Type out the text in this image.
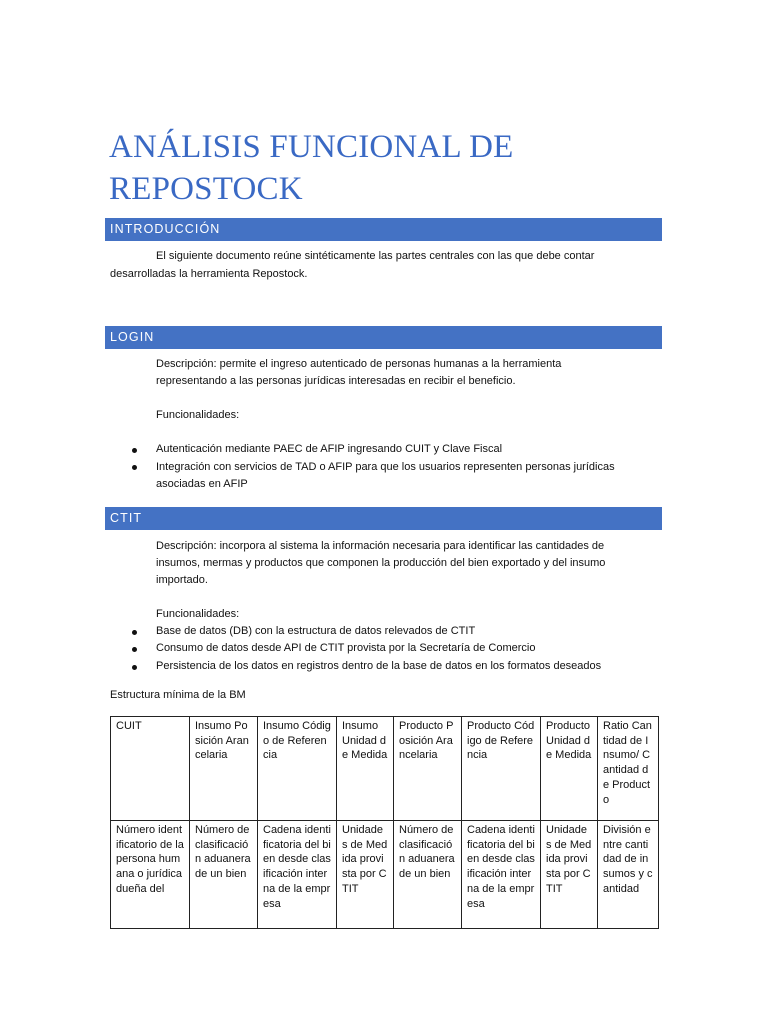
ANÁLISIS FUNCIONAL DE
REPOSTOCK
INTRODUCCIÓN

El siguiente documento reúne sintéticamente las partes centrales con las que debe contar

desarrolladas la herramienta Repostock.

LOGIN

Descripción: permite el ingreso autenticado de personas humanas a la herramienta

representando a las personas jurídicas interesadas en recibir el beneficio.

Funcionalidades:

Autenticación mediante PAEC de AFIP ingresando CUIT y Clave Fiscal

Integración con servicios de TAD o AFIP para que los usuarios representen personas jurídicas

asociadas en AFIP

CTIT

Descripción: incorpora al sistema la información necesaria para identificar las cantidades de

insumos, mermas y productos que componen la producción del bien exportado y del insumo

importado.

Funcionalidades:

Base de datos (DB) con la estructura de datos relevados de CTIT

Consumo de datos desde API de CTIT provista por la Secretaría de Comercio

Persistencia de los datos en registros dentro de la base de datos en los formatos deseados

Estructura mínima de la BM

CUIT	Insumo Posición Arancelaria	Insumo Código de Referencia	Insumo Unidad de Medida	Producto Posición Arancelaria	Producto Código de Referencia	Producto Unidad de Medida	Ratio Cantidad de Insumo/ Cantidad de Producto
Número identificatorio de la persona humana o jurídica dueña del	Número de clasificación aduanera de un bien	Cadena identificatoria del bien desde clasificación interna de la empresa	Unidades de Medida provista por CTIT	Número de clasificación aduanera de un bien	Cadena identificatoria del bien desde clasificación interna de la empresa	Unidades de Medida provista por CTIT	División entre cantidad de insumos y cantidad
